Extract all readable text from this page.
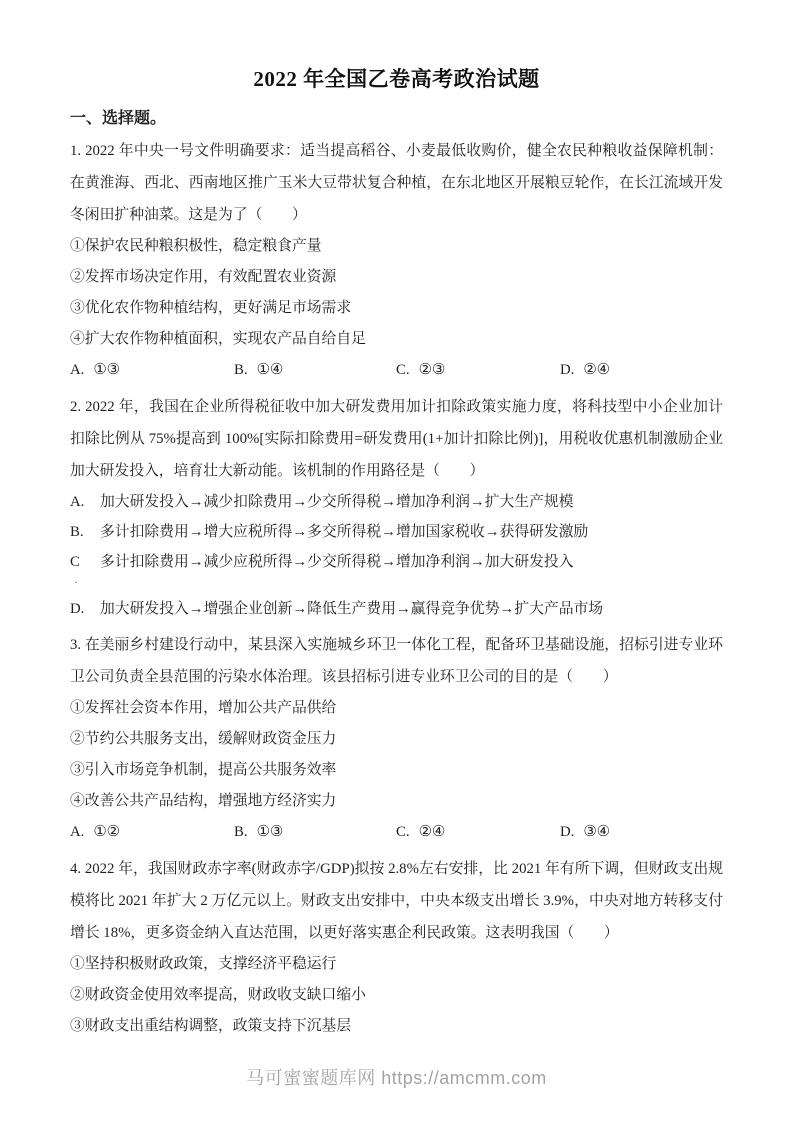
2022 年全国乙卷高考政治试题
一、选择题。

1. 2022 年中央一号文件明确要求：适当提高稻谷、小麦最低收购价，健全农民种粮收益保障机制：在黄淮海、西北、西南地区推广玉米大豆带状复合种植，在东北地区开展粮豆轮作，在长江流域开发冬闲田扩种油菜。这是为了（　　）

①保护农民种粮积极性，稳定粮食产量

②发挥市场决定作用，有效配置农业资源

③优化农作物种植结构，更好满足市场需求

④扩大农作物种植面积，实现农产品自给自足

A. ①③	B. ①④	C. ②③	D. ②④

2. 2022 年，我国在企业所得税征收中加大研发费用加计扣除政策实施力度，将科技型中小企业加计扣除比例从 75%提高到 100%[实际扣除费用=研发费用(1+加计扣除比例)]，用税收优惠机制激励企业加大研发投入，培育壮大新动能。该机制的作用路径是（　　）

A. 加大研发投入→减少扣除费用→少交所得税→增加净利润→扩大生产规模

B. 多计扣除费用→增大应税所得→多交所得税→增加国家税收→获得研发激励

C 多计扣除费用→减少应税所得→少交所得税→增加净利润→加大研发投入

·

D. 加大研发投入→增强企业创新→降低生产费用→赢得竞争优势→扩大产品市场

3. 在美丽乡村建设行动中，某县深入实施城乡环卫一体化工程，配备环卫基础设施，招标引进专业环卫公司负责全县范围的污染水体治理。该县招标引进专业环卫公司的目的是（　　）

①发挥社会资本作用，增加公共产品供给

②节约公共服务支出，缓解财政资金压力

③引入市场竞争机制，提高公共服务效率

④改善公共产品结构，增强地方经济实力

A. ①②	B. ①③	C. ②④	D. ③④

4. 2022 年，我国财政赤字率(财政赤字/GDP)拟按 2.8%左右安排，比 2021 年有所下调，但财政支出规模将比 2021 年扩大 2 万亿元以上。财政支出安排中，中央本级支出增长 3.9%，中央对地方转移支付增长 18%，更多资金纳入直达范围，以更好落实惠企利民政策。这表明我国（　　）

①坚持积极财政政策，支撑经济平稳运行

②财政资金使用效率提高，财政收支缺口缩小

③财政支出重结构调整，政策支持下沉基层

马可蜜蜜题库网 https://amcmm.com
